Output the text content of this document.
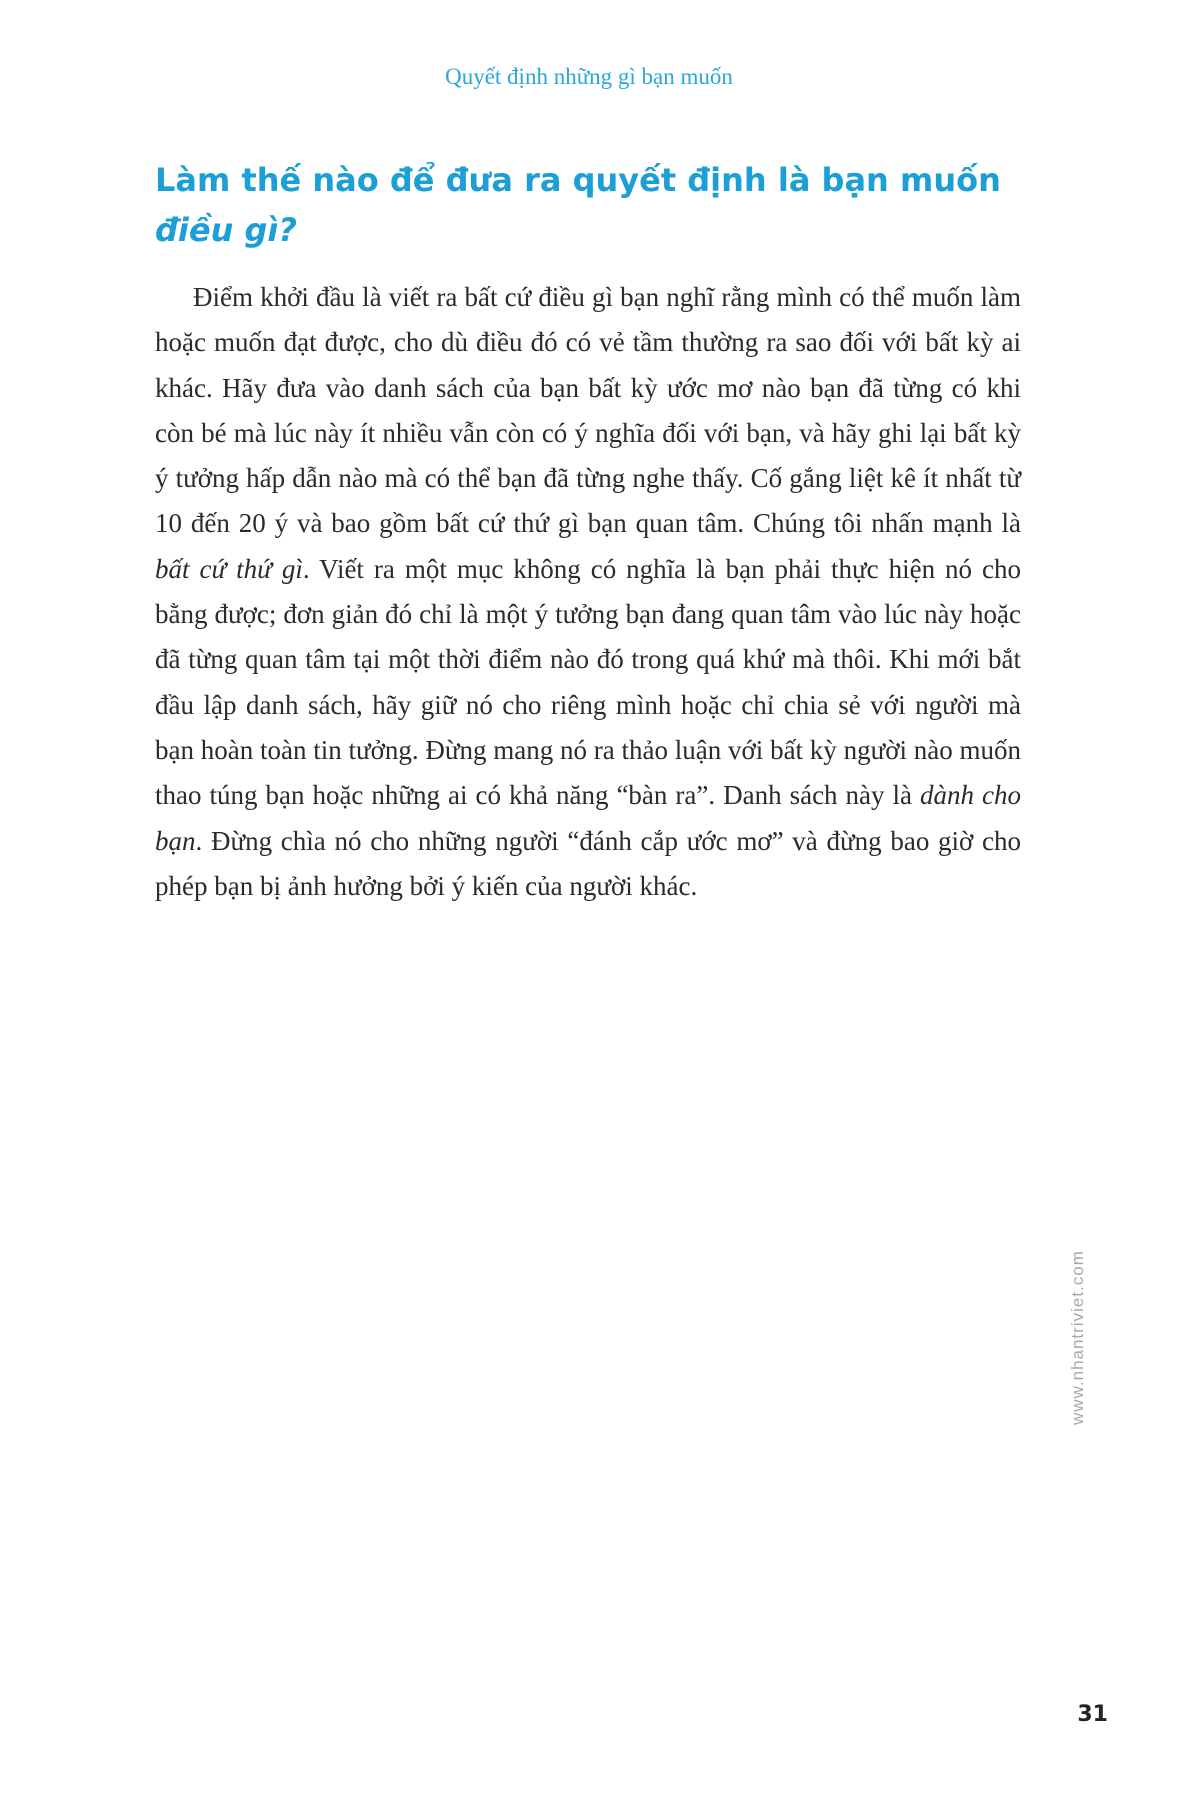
Quyết định những gì bạn muốn
Làm thế nào để đưa ra quyết định là bạn muốn điều gì?

Điểm khởi đầu là viết ra bất cứ điều gì bạn nghĩ rằng mình có thể muốn làm hoặc muốn đạt được, cho dù điều đó có vẻ tầm thường ra sao đối với bất kỳ ai khác. Hãy đưa vào danh sách của bạn bất kỳ ước mơ nào bạn đã từng có khi còn bé mà lúc này ít nhiều vẫn còn có ý nghĩa đối với bạn, và hãy ghi lại bất kỳ ý tưởng hấp dẫn nào mà có thể bạn đã từng nghe thấy. Cố gắng liệt kê ít nhất từ 10 đến 20 ý và bao gồm bất cứ thứ gì bạn quan tâm. Chúng tôi nhấn mạnh là bất cứ thứ gì. Viết ra một mục không có nghĩa là bạn phải thực hiện nó cho bằng được; đơn giản đó chỉ là một ý tưởng bạn đang quan tâm vào lúc này hoặc đã từng quan tâm tại một thời điểm nào đó trong quá khứ mà thôi. Khi mới bắt đầu lập danh sách, hãy giữ nó cho riêng mình hoặc chỉ chia sẻ với người mà bạn hoàn toàn tin tưởng. Đừng mang nó ra thảo luận với bất kỳ người nào muốn thao túng bạn hoặc những ai có khả năng “bàn ra”. Danh sách này là dành cho bạn. Đừng chìa nó cho những người “đánh cắp ước mơ” và đừng bao giờ cho phép bạn bị ảnh hưởng bởi ý kiến của người khác.

www.nhantriviet.com
31
